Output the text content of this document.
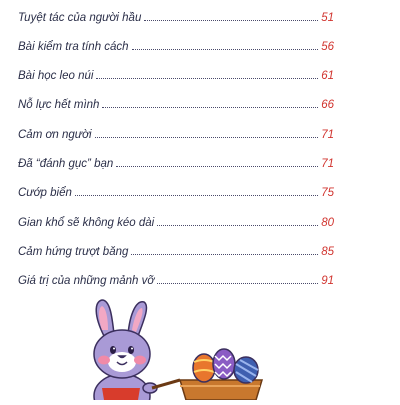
Tuyệt tác của người hầu	51
Bài kiểm tra tính cách	56
Bài học leo núi	61
Nỗ lực hết mình	66
Cảm ơn người	71
Đã “đánh gục” bạn	71
Cướp biển	75
Gian khổ sẽ không kéo dài	80
Cảm hứng trượt băng	85
Giá trị của những mảnh vỡ	91
